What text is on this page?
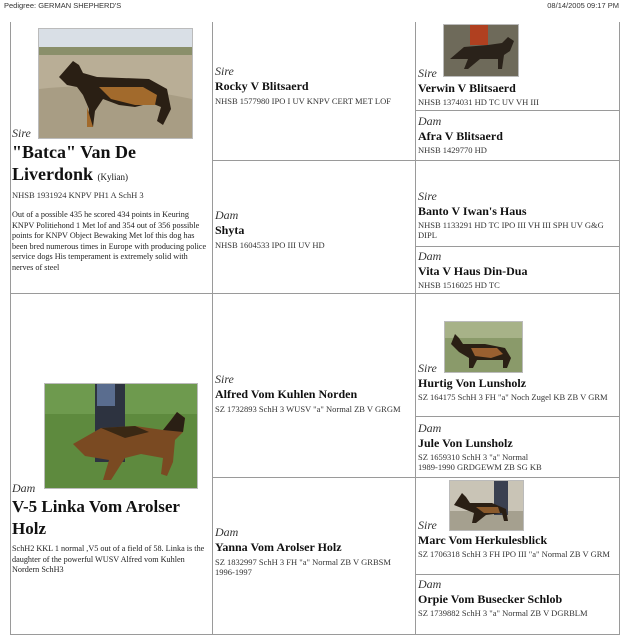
Pedigree: GERMAN SHEPHERD'S	08/14/2005 09:17 PM
Sire
"Batca" Van De Liverdonk (Kylian)
NHSB 1931924 KNPV PH1 A SchH 3
Out of a possible 435 he scored 434 points in Keuring KNPV Politiehond 1 Met lof and 354 out of 356 possible points for KNPV Object Bewaking Met lof this dog has been bred numerous times in Europe with producing police service dogs His temperament is extremely solid with nerves of steel
Dam
V-5 Linka Vom Arolser Holz
SchH2 KKL 1 normal ,V5 out of a field of 58. Linka is the daughter of the powerful WUSV Alfred vom Kuhlen Nordern SchH3
Sire
Rocky V Blitsaerd
NHSB 1577980 IPO I UV KNPV CERT MET LOF
Dam
Shyta
NHSB 1604533 IPO III UV HD
Sire
Alfred Vom Kuhlen Norden
SZ 1732893 SchH 3 WUSV "a" Normal ZB V GRGM
Dam
Yanna Vom Arolser Holz
SZ 1832997 SchH 3 FH "a" Normal ZB V GRBSM
1996-1997
Sire
Verwin V Blitsaerd
NHSB 1374031 HD TC UV VH III
Dam
Afra V Blitsaerd
NHSB 1429770 HD
Sire
Banto V Iwan's Haus
NHSB 1133291 HD TC IPO III VH III SPH UV G&G DIPL
Dam
Vita V Haus Din-Dua
NHSB 1516025 HD TC
Sire
Hurtig Von Lunsholz
SZ 164175 SchH 3 FH "a" Noch Zugel KB ZB V GRM
Dam
Jule Von Lunsholz
SZ 1659310 SchH 3 "a" Normal
1989-1990 GRDGEWM ZB SG KB
Sire
Marc Vom Herkulesblick
SZ 1706318 SchH 3 FH IPO III "a" Normal ZB V GRM
Dam
Orpie Vom Busecker Schlob
SZ 1739882 SchH 3 "a" Normal ZB V DGRBLM
